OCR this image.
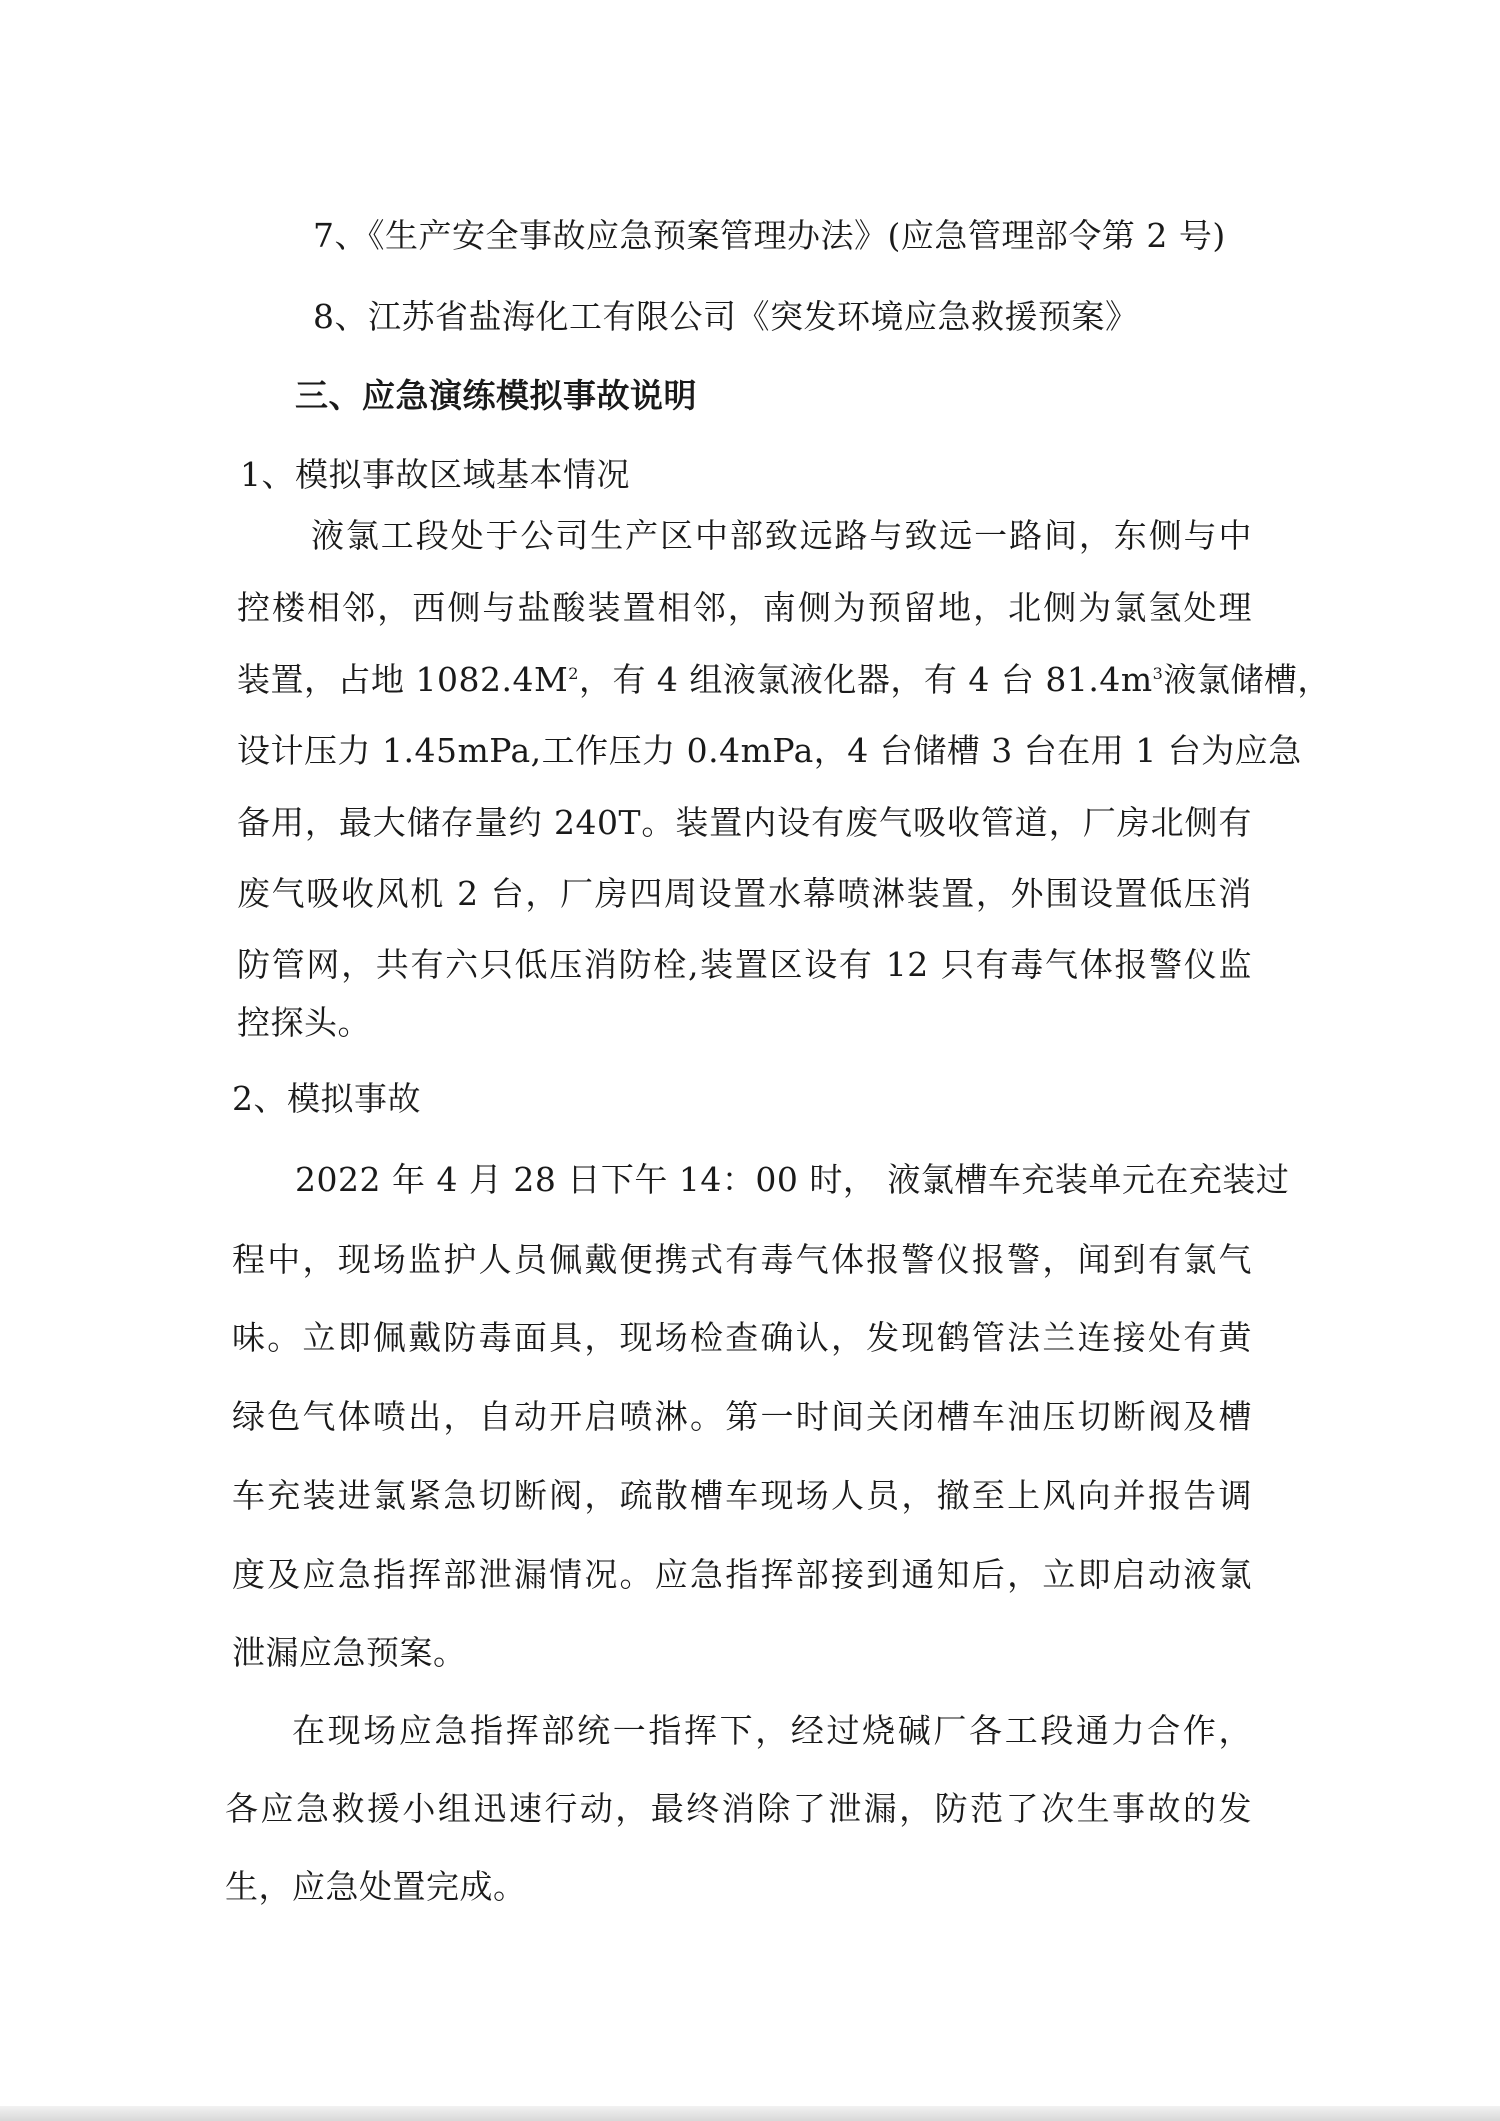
7、《生产安全事故应急预案管理办法》(应急管理部令第 2 号)
8、江苏省盐海化工有限公司《突发环境应急救援预案》
三、应急演练模拟事故说明
1、模拟事故区域基本情况
液氯工段处于公司生产区中部致远路与致远一路间，东侧与中
控楼相邻，西侧与盐酸装置相邻，南侧为预留地，北侧为氯氢处理
装置，占地 $1082.4M^2$，有 4 组液氯液化器，有 4 台 $81.4m^3$液氯储槽，
设计压力 1.45mPa,工作压力 0.4mPa，4 台储槽 3 台在用 1 台为应急
备用，最大储存量约 240T。装置内设有废气吸收管道，厂房北侧有
废气吸收风机 2 台，厂房四周设置水幕喷淋装置，外围设置低压消
防管网，共有六只低压消防栓,装置区设有 12 只有毒气体报警仪监
控探头。
2、模拟事故
2022 年 4 月 28 日下午 14：00 时， 液氯槽车充装单元在充装过
程中，现场监护人员佩戴便携式有毒气体报警仪报警，闻到有氯气
味。立即佩戴防毒面具，现场检查确认，发现鹤管法兰连接处有黄
绿色气体喷出，自动开启喷淋。第一时间关闭槽车油压切断阀及槽
车充装进氯紧急切断阀，疏散槽车现场人员，撤至上风向并报告调
度及应急指挥部泄漏情况。应急指挥部接到通知后，立即启动液氯
泄漏应急预案。
在现场应急指挥部统一指挥下，经过烧碱厂各工段通力合作，
各应急救援小组迅速行动，最终消除了泄漏，防范了次生事故的发
生，应急处置完成。
